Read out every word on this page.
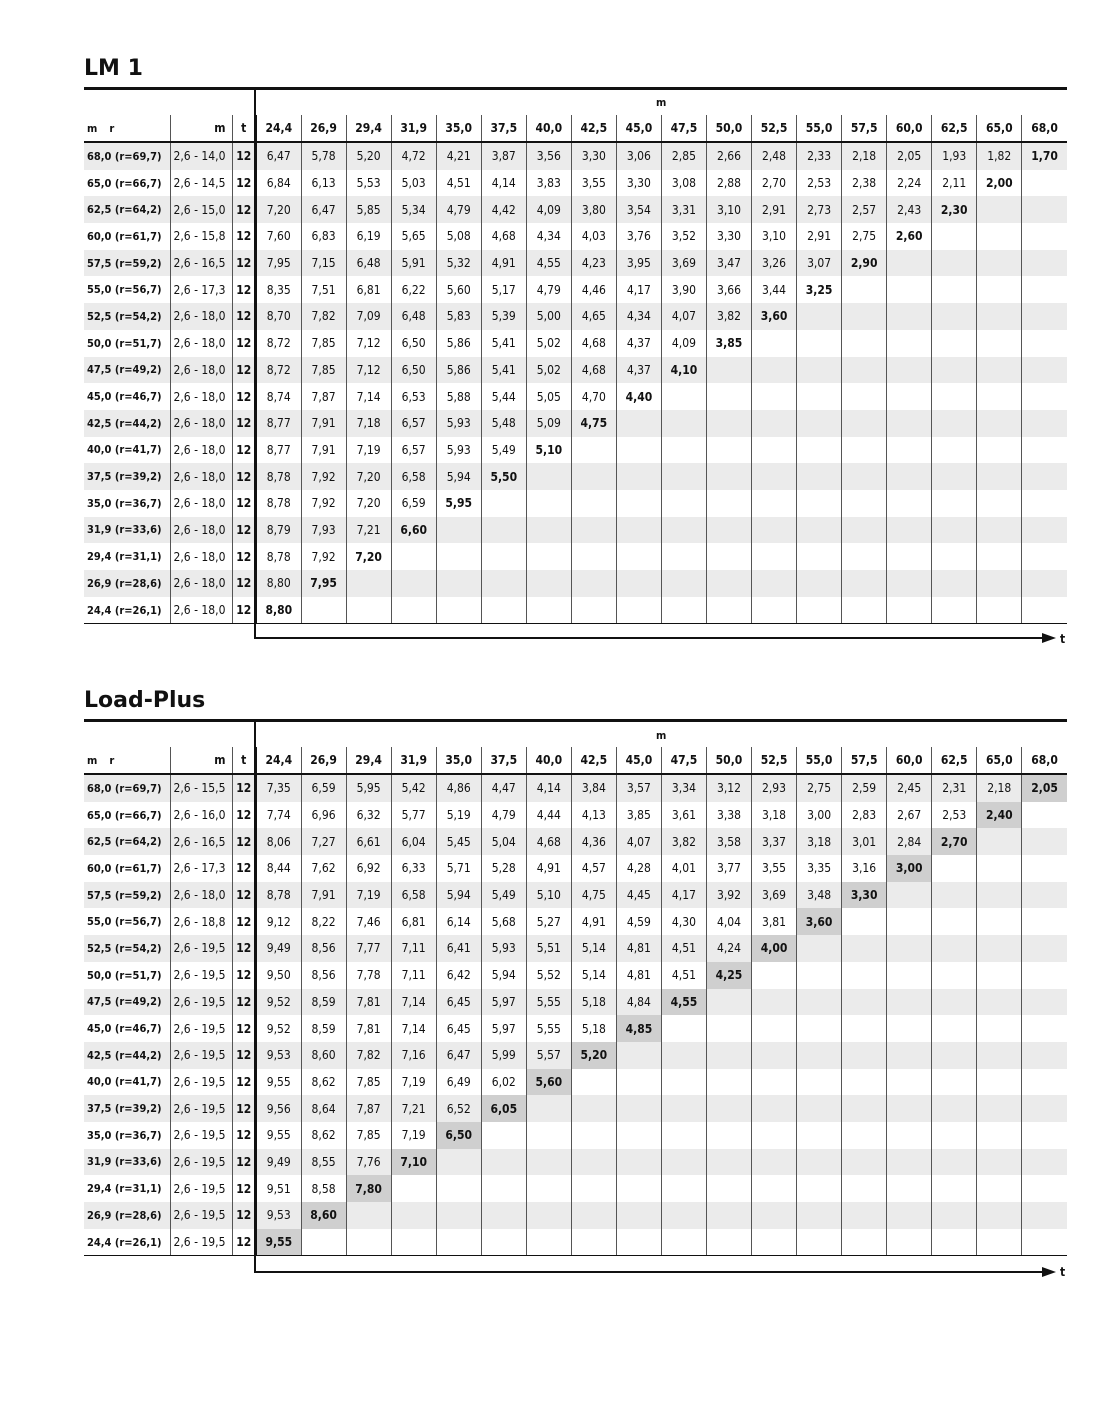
LM 1
m
m r	m	t	24,4	26,9	29,4	31,9	35,0	37,5	40,0	42,5	45,0	47,5	50,0	52,5	55,0	57,5	60,0	62,5	65,0	68,0
68,0 (r=69,7)	2,6 - 14,0	12	6,47	5,78	5,20	4,72	4,21	3,87	3,56	3,30	3,06	2,85	2,66	2,48	2,33	2,18	2,05	1,93	1,82	1,70
65,0 (r=66,7)	2,6 - 14,5	12	6,84	6,13	5,53	5,03	4,51	4,14	3,83	3,55	3,30	3,08	2,88	2,70	2,53	2,38	2,24	2,11	2,00	
62,5 (r=64,2)	2,6 - 15,0	12	7,20	6,47	5,85	5,34	4,79	4,42	4,09	3,80	3,54	3,31	3,10	2,91	2,73	2,57	2,43	2,30		
60,0 (r=61,7)	2,6 - 15,8	12	7,60	6,83	6,19	5,65	5,08	4,68	4,34	4,03	3,76	3,52	3,30	3,10	2,91	2,75	2,60			
57,5 (r=59,2)	2,6 - 16,5	12	7,95	7,15	6,48	5,91	5,32	4,91	4,55	4,23	3,95	3,69	3,47	3,26	3,07	2,90				
55,0 (r=56,7)	2,6 - 17,3	12	8,35	7,51	6,81	6,22	5,60	5,17	4,79	4,46	4,17	3,90	3,66	3,44	3,25					
52,5 (r=54,2)	2,6 - 18,0	12	8,70	7,82	7,09	6,48	5,83	5,39	5,00	4,65	4,34	4,07	3,82	3,60						
50,0 (r=51,7)	2,6 - 18,0	12	8,72	7,85	7,12	6,50	5,86	5,41	5,02	4,68	4,37	4,09	3,85							
47,5 (r=49,2)	2,6 - 18,0	12	8,72	7,85	7,12	6,50	5,86	5,41	5,02	4,68	4,37	4,10								
45,0 (r=46,7)	2,6 - 18,0	12	8,74	7,87	7,14	6,53	5,88	5,44	5,05	4,70	4,40									
42,5 (r=44,2)	2,6 - 18,0	12	8,77	7,91	7,18	6,57	5,93	5,48	5,09	4,75										
40,0 (r=41,7)	2,6 - 18,0	12	8,77	7,91	7,19	6,57	5,93	5,49	5,10											
37,5 (r=39,2)	2,6 - 18,0	12	8,78	7,92	7,20	6,58	5,94	5,50												
35,0 (r=36,7)	2,6 - 18,0	12	8,78	7,92	7,20	6,59	5,95													
31,9 (r=33,6)	2,6 - 18,0	12	8,79	7,93	7,21	6,60														
29,4 (r=31,1)	2,6 - 18,0	12	8,78	7,92	7,20															
26,9 (r=28,6)	2,6 - 18,0	12	8,80	7,95																
24,4 (r=26,1)	2,6 - 18,0	12	8,80																	
t
Load-Plus
m
m r	m	t	24,4	26,9	29,4	31,9	35,0	37,5	40,0	42,5	45,0	47,5	50,0	52,5	55,0	57,5	60,0	62,5	65,0	68,0
68,0 (r=69,7)	2,6 - 15,5	12	7,35	6,59	5,95	5,42	4,86	4,47	4,14	3,84	3,57	3,34	3,12	2,93	2,75	2,59	2,45	2,31	2,18	2,05
65,0 (r=66,7)	2,6 - 16,0	12	7,74	6,96	6,32	5,77	5,19	4,79	4,44	4,13	3,85	3,61	3,38	3,18	3,00	2,83	2,67	2,53	2,40	
62,5 (r=64,2)	2,6 - 16,5	12	8,06	7,27	6,61	6,04	5,45	5,04	4,68	4,36	4,07	3,82	3,58	3,37	3,18	3,01	2,84	2,70		
60,0 (r=61,7)	2,6 - 17,3	12	8,44	7,62	6,92	6,33	5,71	5,28	4,91	4,57	4,28	4,01	3,77	3,55	3,35	3,16	3,00			
57,5 (r=59,2)	2,6 - 18,0	12	8,78	7,91	7,19	6,58	5,94	5,49	5,10	4,75	4,45	4,17	3,92	3,69	3,48	3,30				
55,0 (r=56,7)	2,6 - 18,8	12	9,12	8,22	7,46	6,81	6,14	5,68	5,27	4,91	4,59	4,30	4,04	3,81	3,60					
52,5 (r=54,2)	2,6 - 19,5	12	9,49	8,56	7,77	7,11	6,41	5,93	5,51	5,14	4,81	4,51	4,24	4,00						
50,0 (r=51,7)	2,6 - 19,5	12	9,50	8,56	7,78	7,11	6,42	5,94	5,52	5,14	4,81	4,51	4,25							
47,5 (r=49,2)	2,6 - 19,5	12	9,52	8,59	7,81	7,14	6,45	5,97	5,55	5,18	4,84	4,55								
45,0 (r=46,7)	2,6 - 19,5	12	9,52	8,59	7,81	7,14	6,45	5,97	5,55	5,18	4,85									
42,5 (r=44,2)	2,6 - 19,5	12	9,53	8,60	7,82	7,16	6,47	5,99	5,57	5,20										
40,0 (r=41,7)	2,6 - 19,5	12	9,55	8,62	7,85	7,19	6,49	6,02	5,60											
37,5 (r=39,2)	2,6 - 19,5	12	9,56	8,64	7,87	7,21	6,52	6,05												
35,0 (r=36,7)	2,6 - 19,5	12	9,55	8,62	7,85	7,19	6,50													
31,9 (r=33,6)	2,6 - 19,5	12	9,49	8,55	7,76	7,10														
29,4 (r=31,1)	2,6 - 19,5	12	9,51	8,58	7,80															
26,9 (r=28,6)	2,6 - 19,5	12	9,53	8,60																
24,4 (r=26,1)	2,6 - 19,5	12	9,55																	
t
